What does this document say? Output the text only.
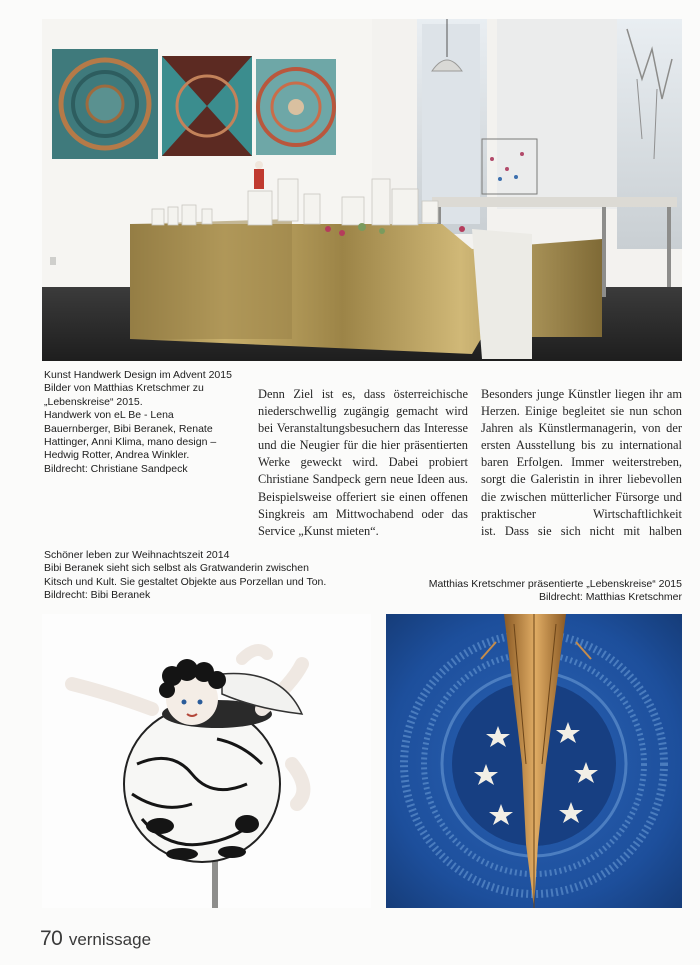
Kunst Handwerk Design im Advent 2015
Bilder von Matthias Kretschmer zu
„Lebenskreise“ 2015.
Handwerk von eL Be - Lena
Bauernberger, Bibi Beranek, Renate
Hattinger, Anni Klima, mano design –
Hedwig Rotter, Andrea Winkler.
Bildrecht: Christiane Sandpeck
Denn Ziel ist es, dass österreichische
niederschwellig zugängig gemacht wird
bei Veranstaltungsbesuchern das Interesse
und die Neugier für die hier präsentierten
Werke geweckt wird. Dabei probiert
Christiane Sandpeck gern neue Ideen aus.
Beispielsweise offeriert sie einen offenen
Singkreis am Mittwochabend oder das
Service „Kunst mieten“.
Besonders junge Künstler liegen ihr am
Herzen. Einige begleitet sie nun schon
Jahren als Künstlermanagerin, von der
ersten Ausstellung bis zu international
baren Erfolgen. Immer weiterstreben,
sorgt die Galeristin in ihrer liebevollen
die zwischen mütterlicher Fürsorge und
praktischer Wirtschaftlichkeit
ist. Dass sie sich nicht mit halben
Schöner leben zur Weihnachtszeit 2014
Bibi Beranek sieht sich selbst als Gratwanderin zwischen
Kitsch und Kult. Sie gestaltet Objekte aus Porzellan und Ton.
Bildrecht: Bibi Beranek
Matthias Kretschmer präsentierte „Lebenskreise“ 2015
Bildrecht: Matthias Kretschmer
70 vernissage
